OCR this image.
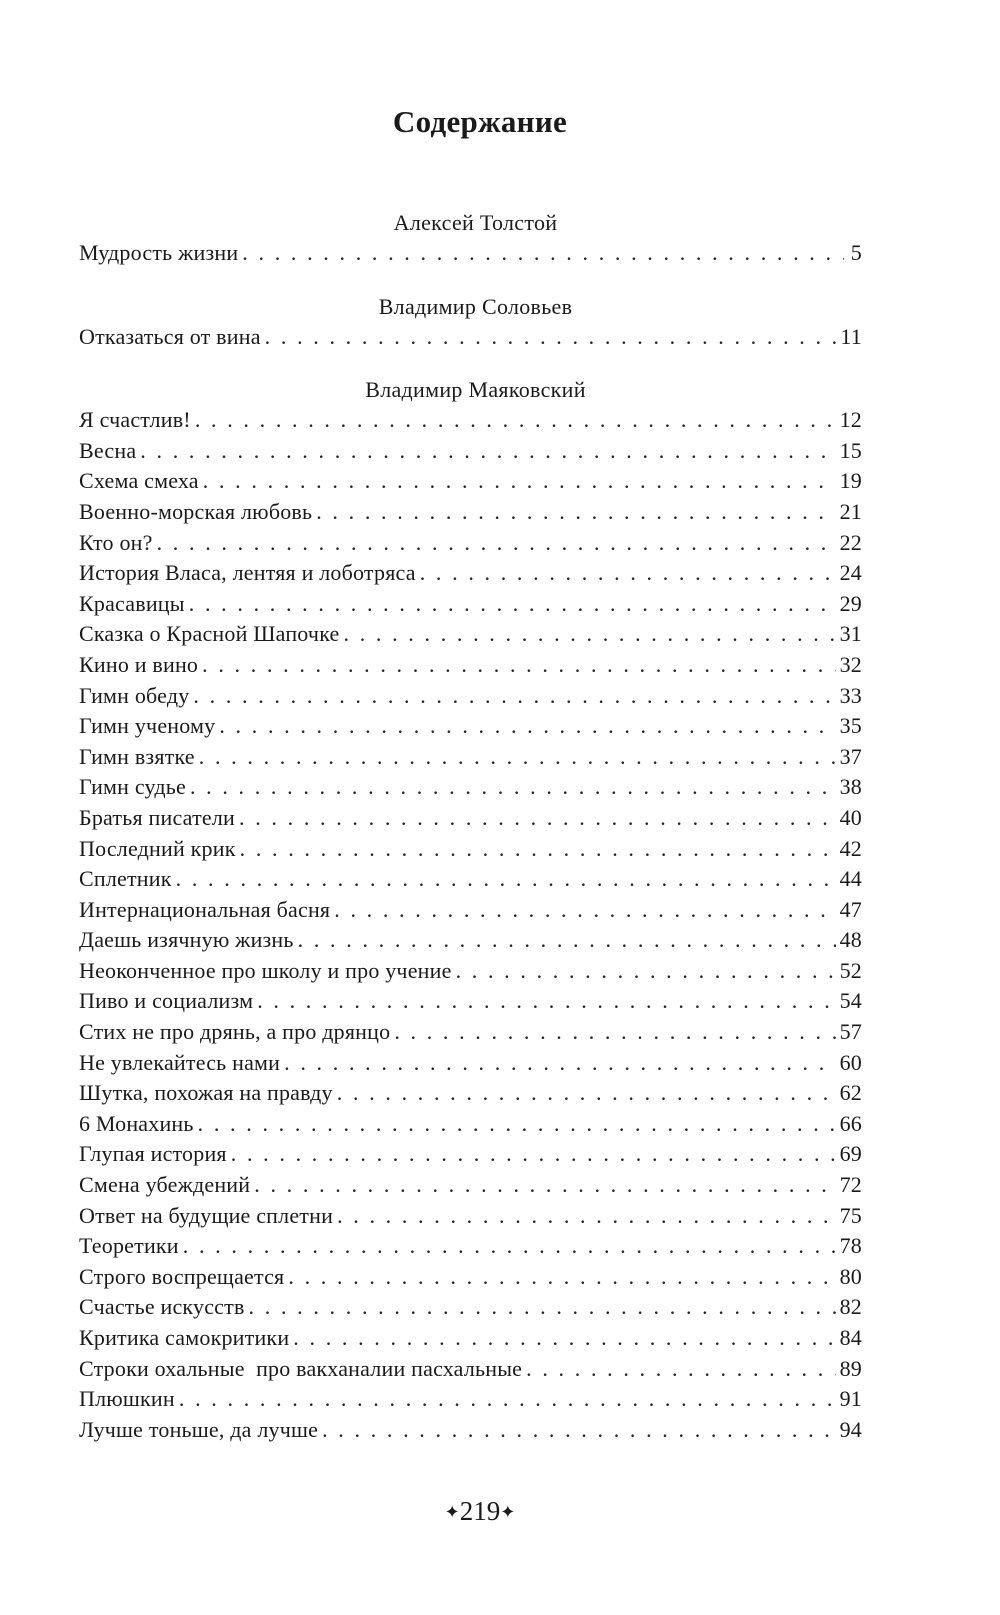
Содержание
Алексей Толстой
Мудрость жизни . . .	5
Владимир Соловьев
Отказаться от вина . . .	11
Владимир Маяковский
Я счастлив! . . .	12
Весна . . .	15
Схема смеха . . .	19
Военно-морская любовь . . .	21
Кто он? . . .	22
История Власа, лентяя и лоботряса . . .	24
Красавицы . . .	29
Сказка о Красной Шапочке . . .	31
Кино и вино . . .	32
Гимн обеду . . .	33
Гимн ученому . . .	35
Гимн взятке . . .	37
Гимн судье . . .	38
Братья писатели . . .	40
Последний крик . . .	42
Сплетник . . .	44
Интернациональная басня . . .	47
Даешь изячную жизнь . . .	48
Неоконченное про школу и про учение . . .	52
Пиво и социализм . . .	54
Стих не про дрянь, а про дрянцо . . .	57
Не увлекайтесь нами . . .	60
Шутка, похожая на правду . . .	62
6 Монахинь . . .	66
Глупая история . . .	69
Смена убеждений . . .	72
Ответ на будущие сплетни . . .	75
Теоретики . . .	78
Строго воспрещается . . .	80
Счастье искусств . . .	82
Критика самокритики . . .	84
Строки охальные  про вакханалии пасхальные . . .	89
Плюшкин . . .	91
Лучше тоньше, да лучше . . .	94
✦ 219 ✦
